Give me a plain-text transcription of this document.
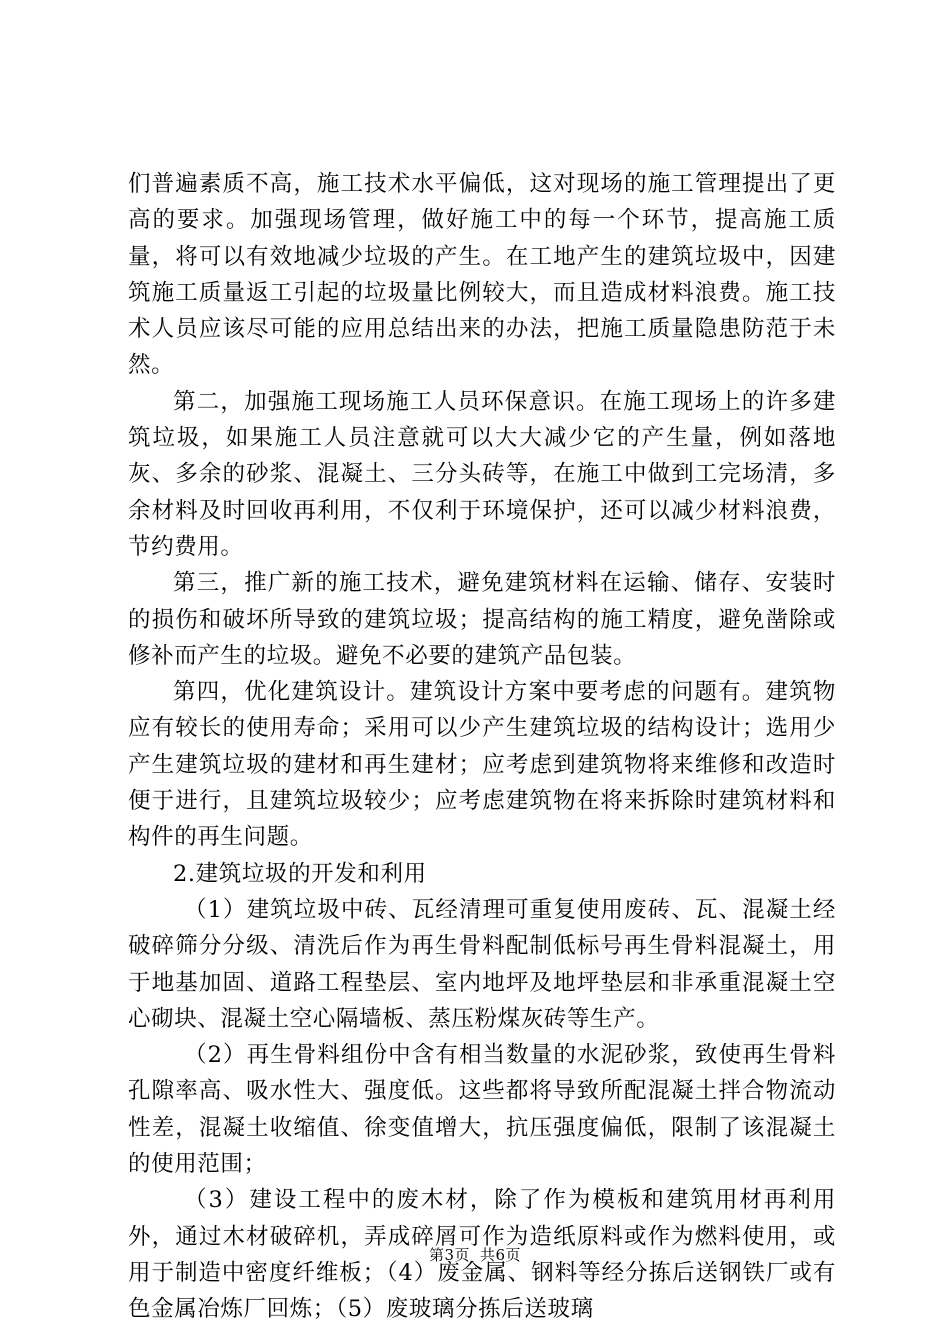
们普遍素质不高，施工技术水平偏低，这对现场的施工管理提出了更高的要求。加强现场管理，做好施工中的每一个环节，提高施工质量，将可以有效地减少垃圾的产生。在工地产生的建筑垃圾中，因建筑施工质量返工引起的垃圾量比例较大，而且造成材料浪费。施工技术人员应该尽可能的应用总结出来的办法，把施工质量隐患防范于未然。

第二，加强施工现场施工人员环保意识。在施工现场上的许多建筑垃圾，如果施工人员注意就可以大大减少它的产生量，例如落地灰、多余的砂浆、混凝土、三分头砖等，在施工中做到工完场清，多余材料及时回收再利用，不仅利于环境保护，还可以减少材料浪费，节约费用。

第三，推广新的施工技术，避免建筑材料在运输、储存、安装时的损伤和破坏所导致的建筑垃圾；提高结构的施工精度，避免凿除或修补而产生的垃圾。避免不必要的建筑产品包装。

第四，优化建筑设计。建筑设计方案中要考虑的问题有。建筑物应有较长的使用寿命；采用可以少产生建筑垃圾的结构设计；选用少产生建筑垃圾的建材和再生建材；应考虑到建筑物将来维修和改造时便于进行，且建筑垃圾较少；应考虑建筑物在将来拆除时建筑材料和构件的再生问题。

2.建筑垃圾的开发和利用

（1）建筑垃圾中砖、瓦经清理可重复使用废砖、瓦、混凝土经破碎筛分分级、清洗后作为再生骨料配制低标号再生骨料混凝土，用于地基加固、道路工程垫层、室内地坪及地坪垫层和非承重混凝土空心砌块、混凝土空心隔墙板、蒸压粉煤灰砖等生产。

（2）再生骨料组份中含有相当数量的水泥砂浆，致使再生骨料孔隙率高、吸水性大、强度低。这些都将导致所配混凝土拌合物流动性差，混凝土收缩值、徐变值增大，抗压强度偏低，限制了该混凝土的使用范围；

（3）建设工程中的废木材，除了作为模板和建筑用材再利用外，通过木材破碎机，弄成碎屑可作为造纸原料或作为燃料使用，或用于制造中密度纤维板；（4）废金属、钢料等经分拣后送钢铁厂或有色金属冶炼厂回炼；（5）废玻璃分拣后送玻璃

第3页 共6页
